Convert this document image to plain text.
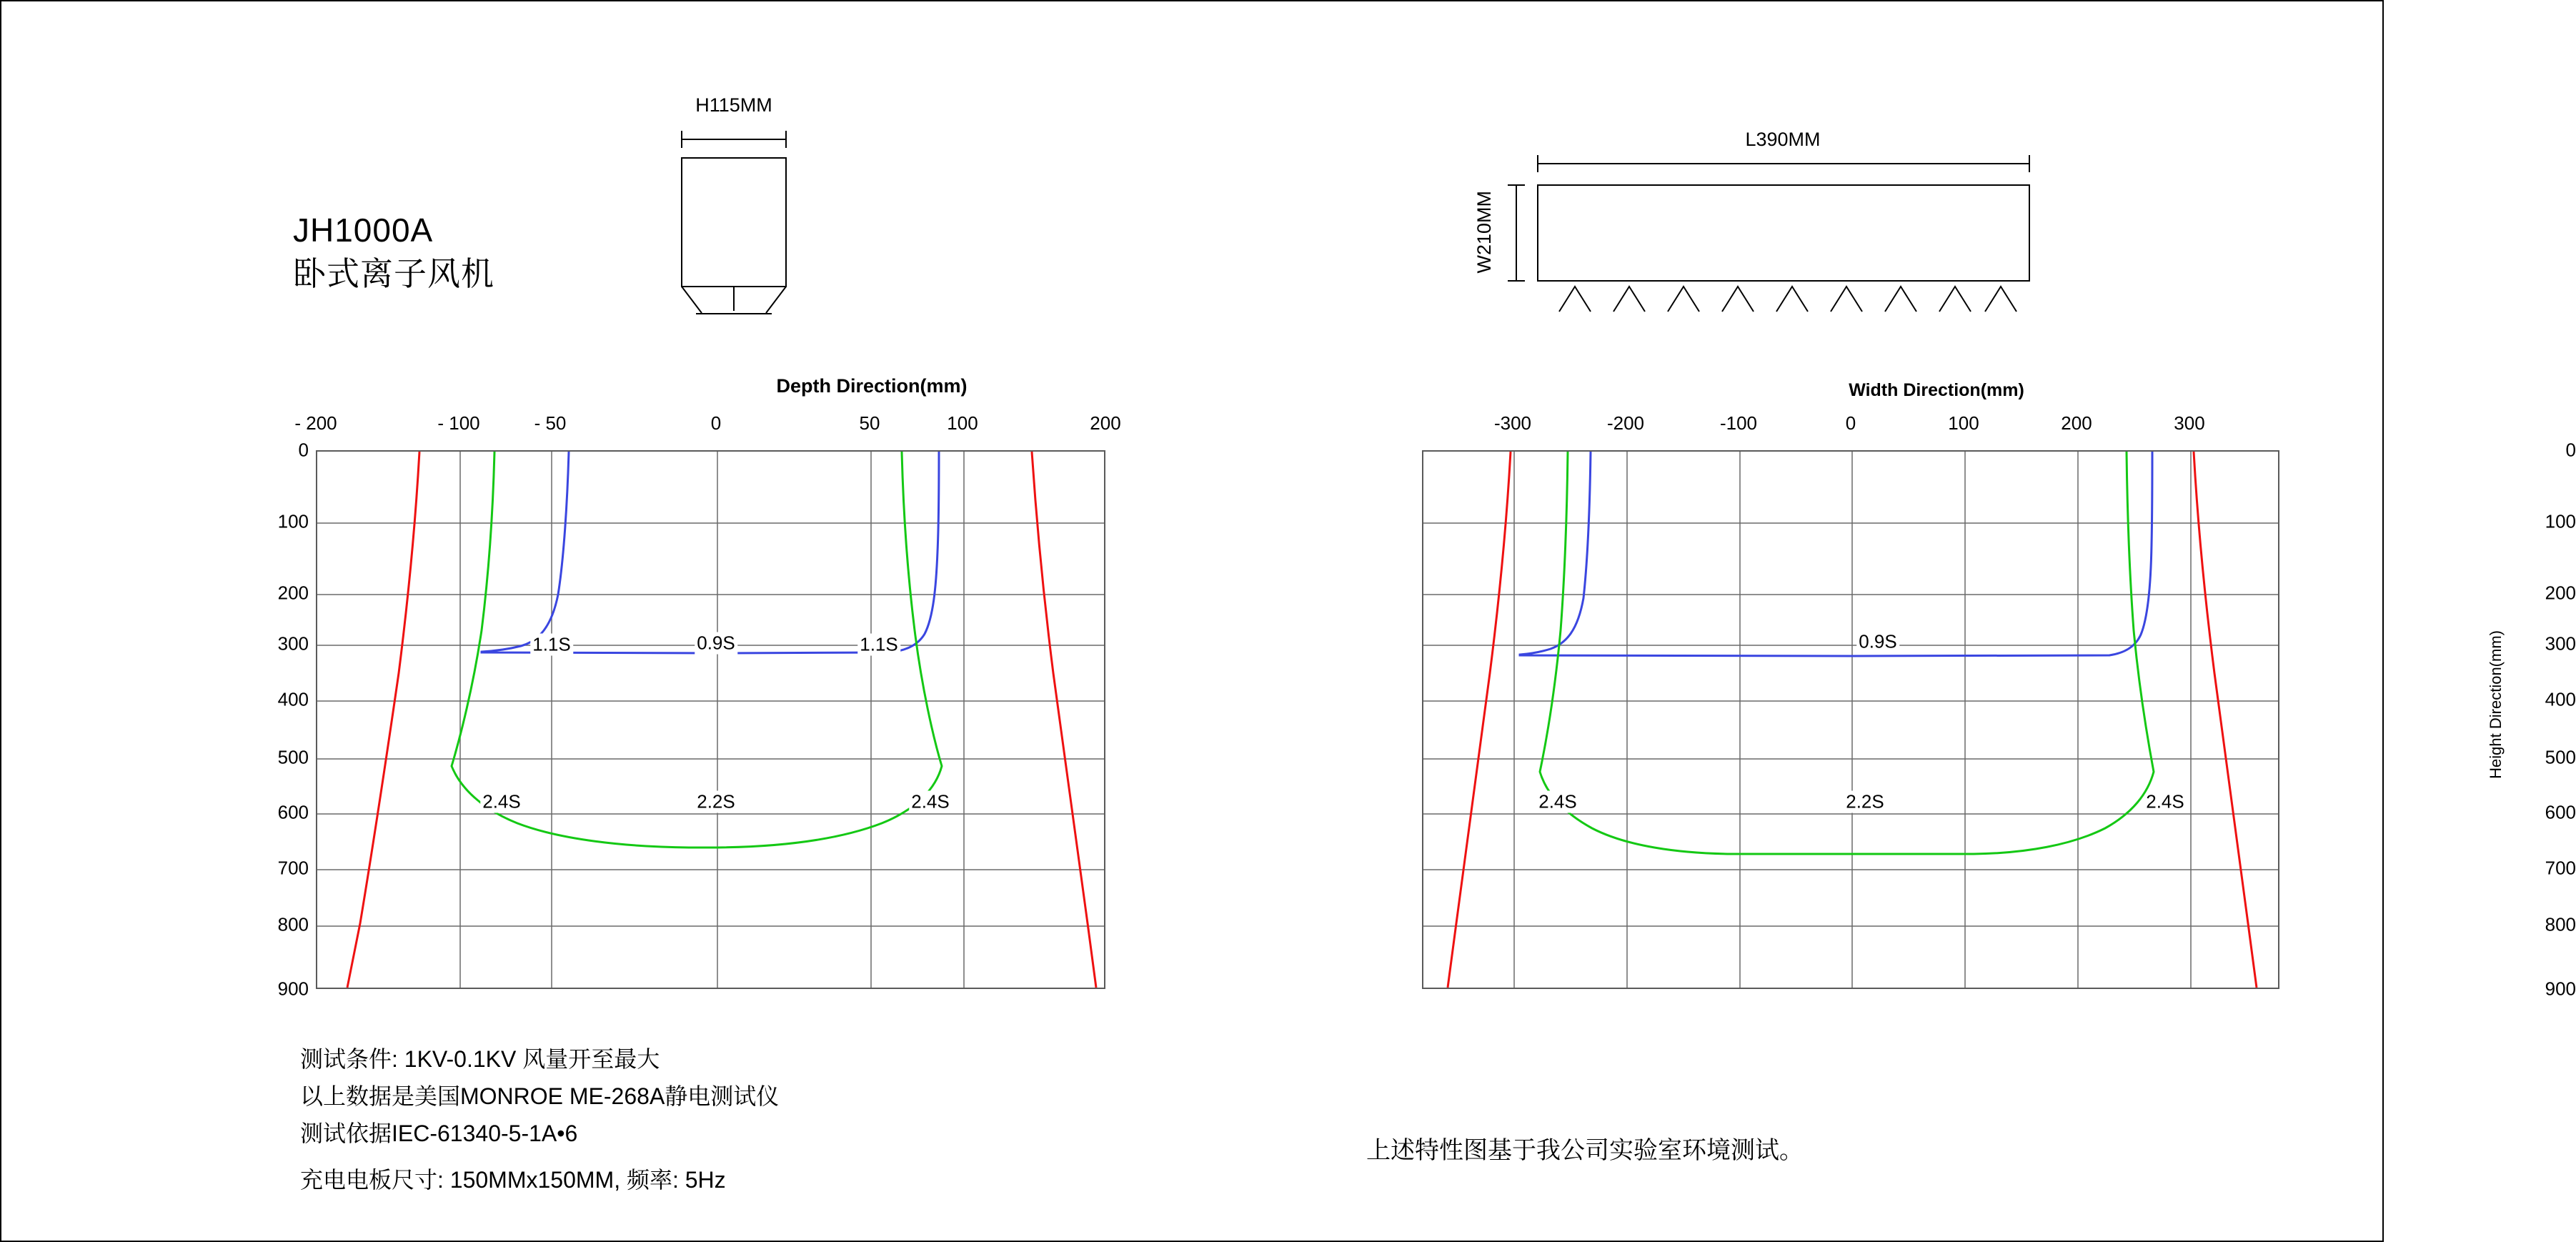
JH1000A
卧式离子风机
H115MM
L390MM
W210MM
Depth Direction(mm)
- 200	- 100	- 50	0	50	100	200
0
100
200
300
400
500
600
700
800
900
1.1S	0.9S	1.1S
2.4S	2.2S	2.4S
Width Direction(mm)
Height Direction(mm)
-300	-200	-100	0	100	200	300
0
100
200
300
400
500
600
700
800
900
0.9S
2.4S	2.2S	2.4S
测试条件: 1KV-0.1KV 风量开至最大
以上数据是美国MONROE ME-268A静电测试仪
测试依据IEC-61340-5-1A•6
充电电板尺寸: 150MMx150MM, 频率: 5Hz
上述特性图基于我公司实验室环境测试。
